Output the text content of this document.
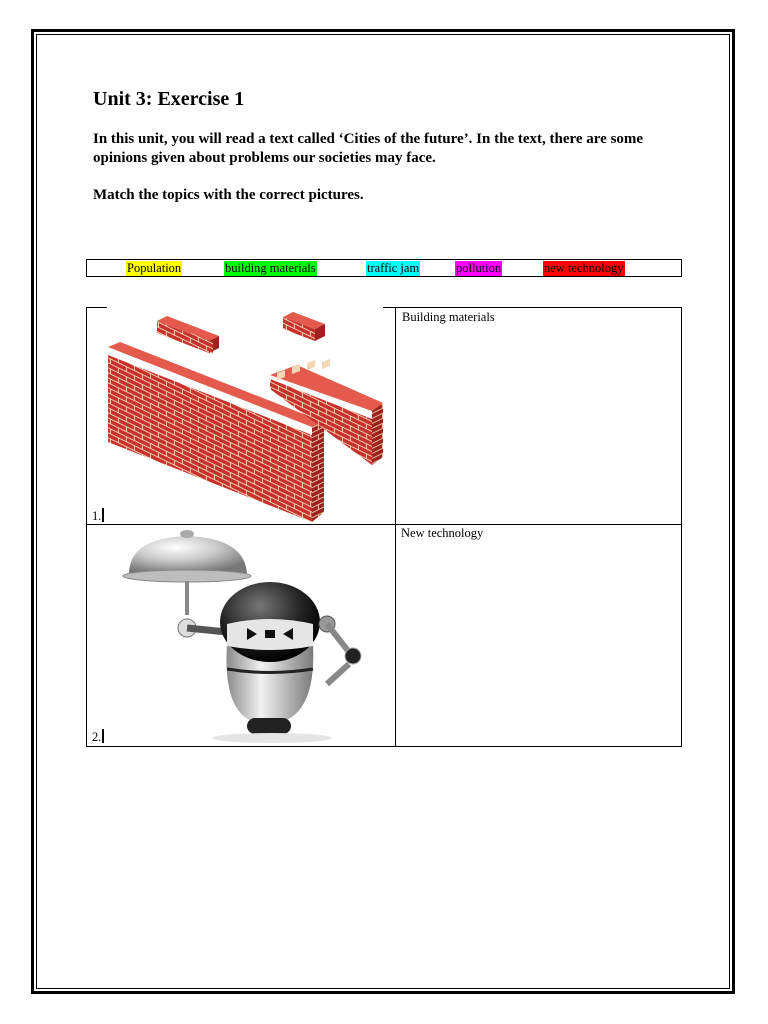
Unit 3: Exercise 1

In this unit, you will read a text called ‘Cities of the future’. In the text, there are some opinions given about problems our societies may face.

Match the topics with the correct pictures.

Population	building materials	traffic jam	pollution	new technology
1.
Building materials
2.
New technology
